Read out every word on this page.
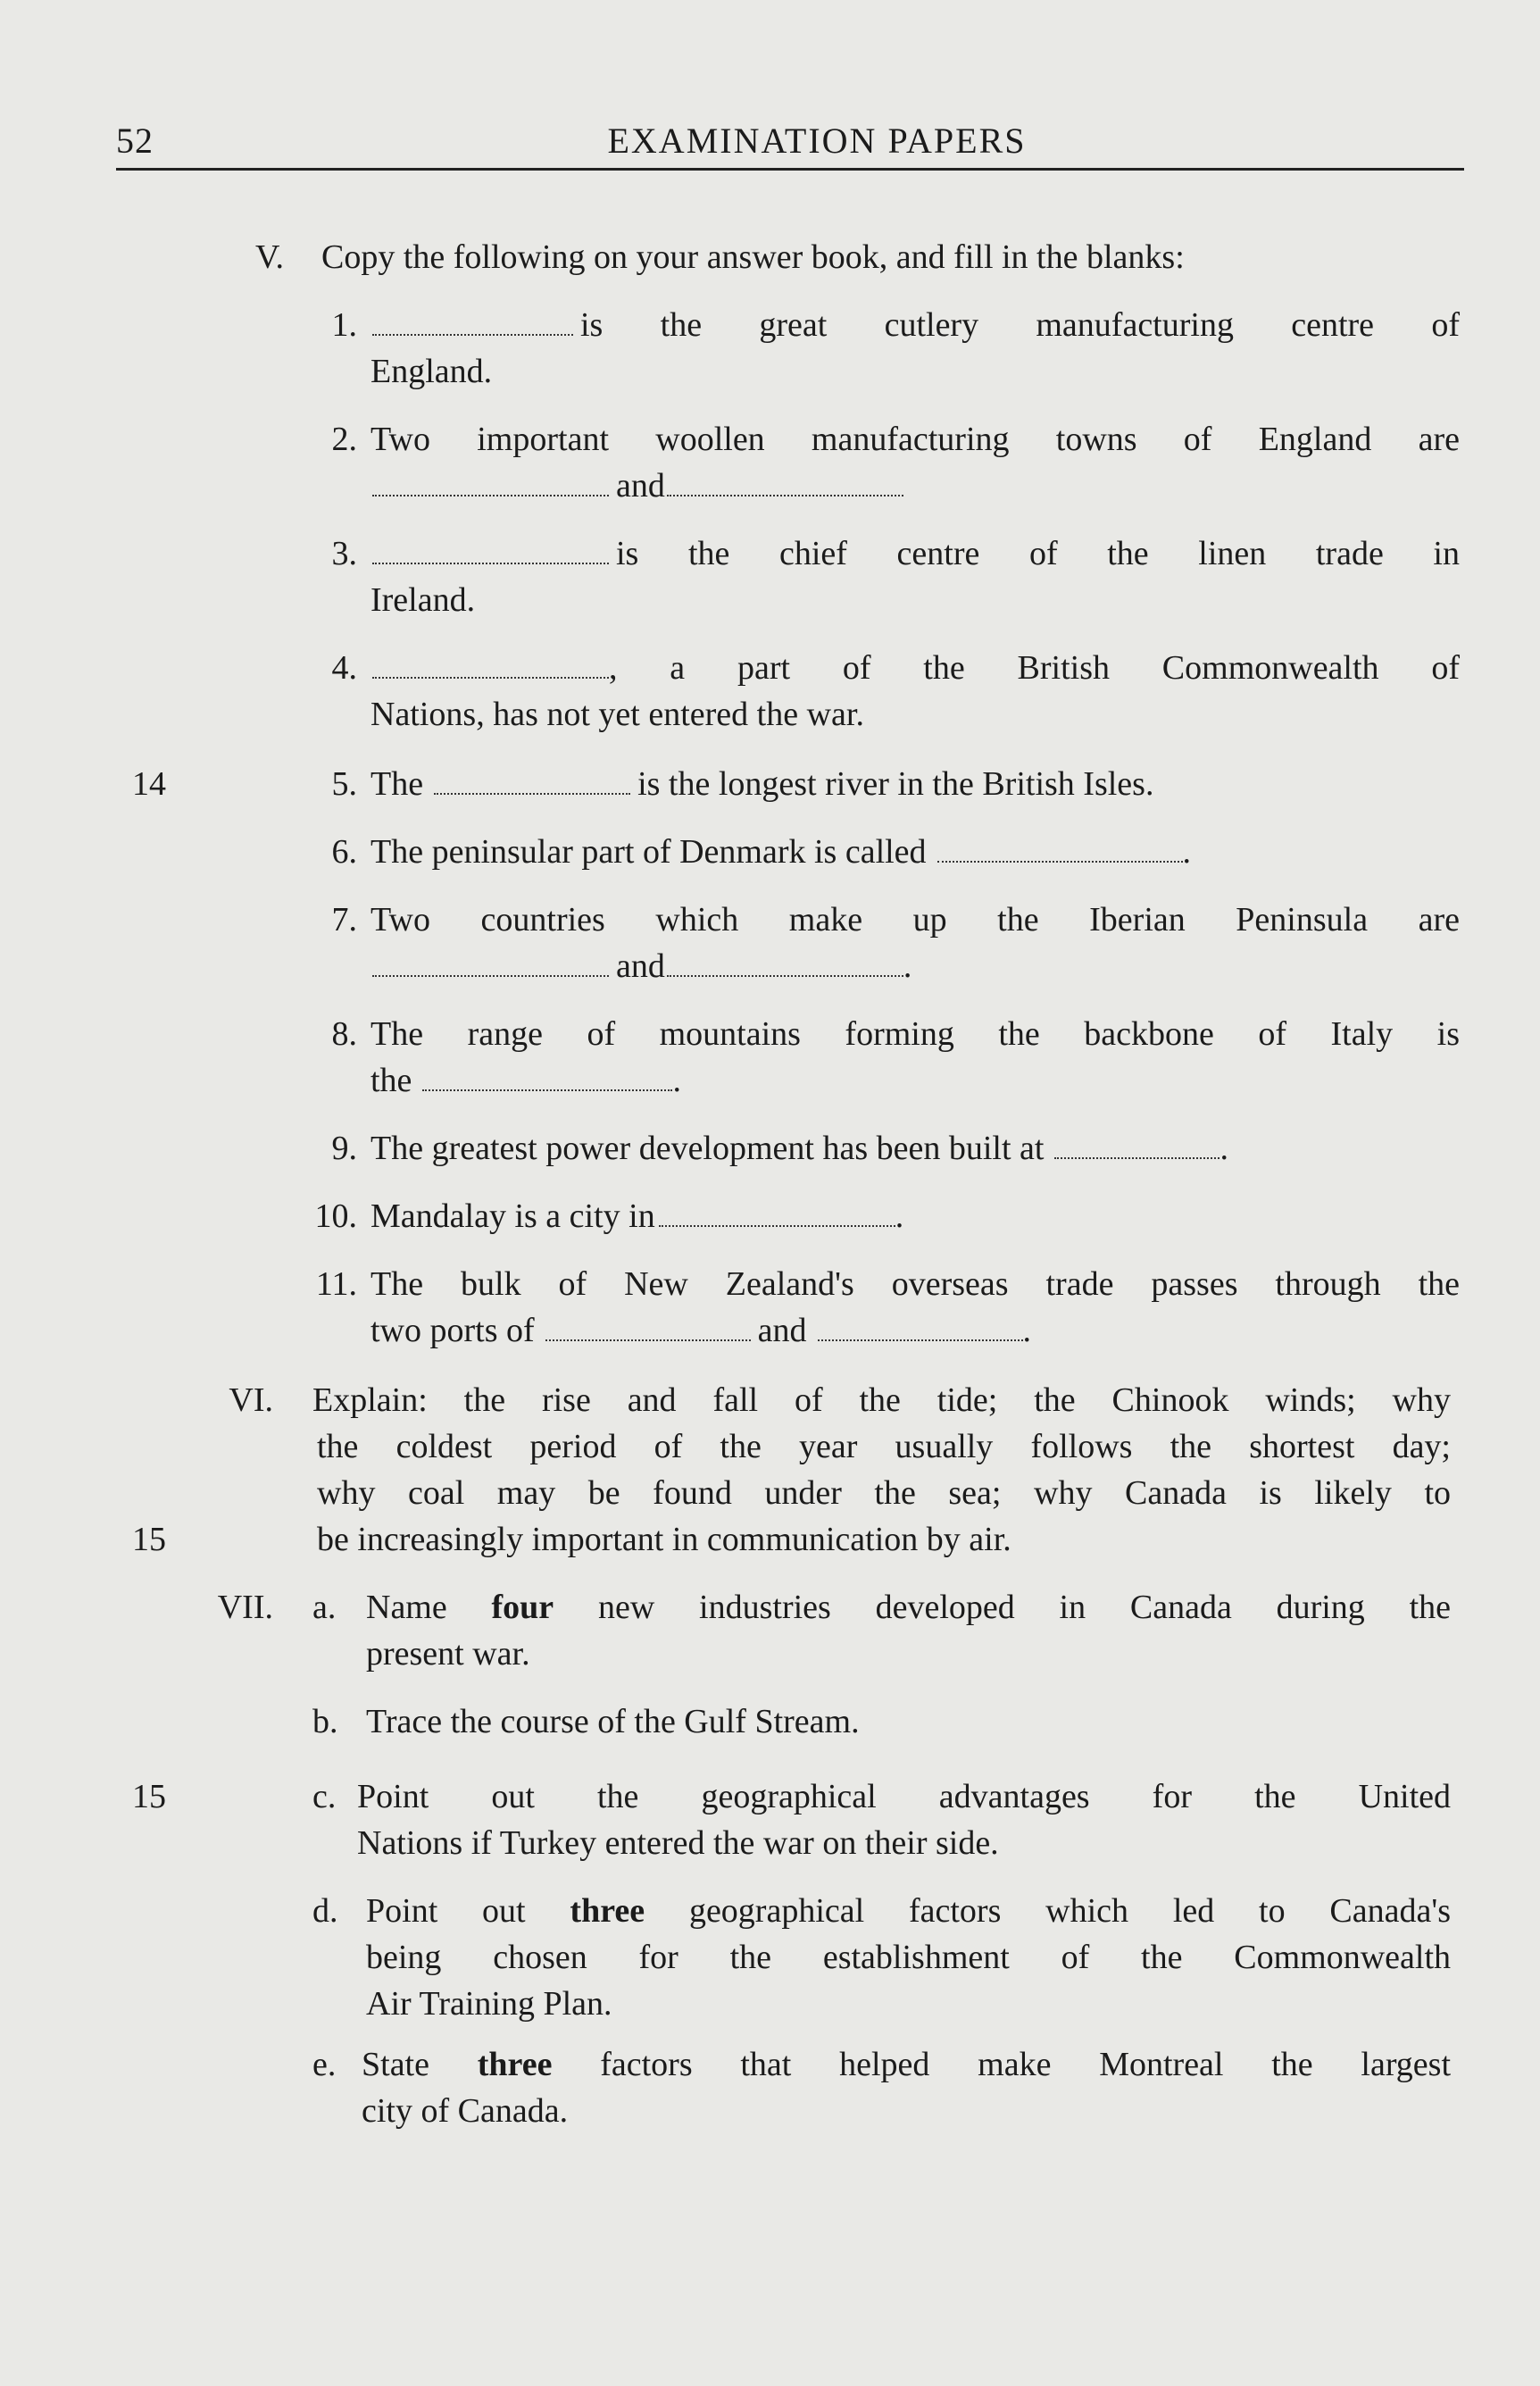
52	EXAMINATION PAPERS
V. Copy the following on your answer book, and fill in the blanks:
1.	is the great cutlery manufacturing centre of
England.
2. Two important woollen manufacturing towns of England are
and
3.	is the chief centre of the linen trade in
Ireland.
4.	, a part of the British Commonwealth of
Nations, has not yet entered the war.
5. The	is the longest river in the British Isles.
6. The peninsular part of Denmark is called	.
7. Two countries which make up the Iberian Peninsula are
and	.
8. The range of mountains forming the backbone of Italy is
the	.
9. The greatest power development has been built at	.
10. Mandalay is a city in	.
11. The bulk of New Zealand's overseas trade passes through the
two ports of	and	.
VI. Explain: the rise and fall of the tide; the Chinook winds; why
the coldest period of the year usually follows the shortest day;
why coal may be found under the sea; why Canada is likely to
be increasingly important in communication by air.
15
VII. a. Name four new industries developed in Canada during the
present war.
b. Trace the course of the Gulf Stream.
15	c. Point out the geographical advantages for the United
Nations if Turkey entered the war on their side.
d. Point out three geographical factors which led to Canada's
being chosen for the establishment of the Commonwealth
Air Training Plan.
e. State three factors that helped make Montreal the largest
city of Canada.
14
